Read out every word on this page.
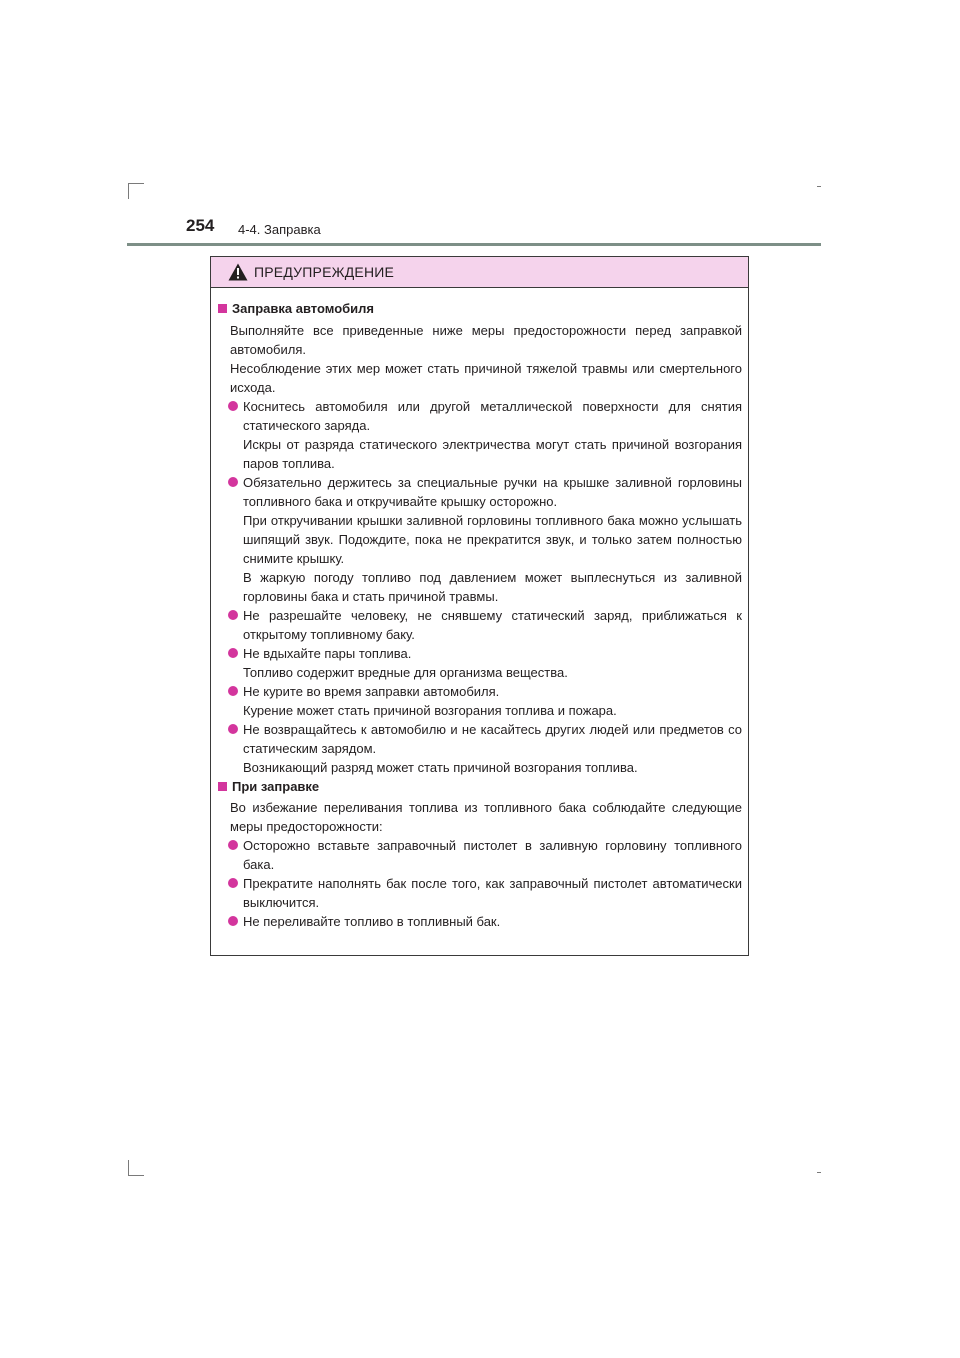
254 4-4. Заправка
ПРЕДУПРЕЖДЕНИЕ
Заправка автомобиля

Выполняйте все приведенные ниже меры предосторожности перед заправкой автомобиля.

Несоблюдение этих мер может стать причиной тяжелой травмы или смертельного исхода.

Коснитесь автомобиля или другой металлической поверхности для снятия статического заряда.

Искры от разряда статического электричества могут стать причиной возгорания паров топлива.

Обязательно держитесь за специальные ручки на крышке заливной горловины топливного бака и откручивайте крышку осторожно.

При откручивании крышки заливной горловины топливного бака можно услышать шипящий звук. Подождите, пока не прекратится звук, и только затем полностью снимите крышку.

В жаркую погоду топливо под давлением может выплеснуться из заливной горловины бака и стать причиной травмы.

Не разрешайте человеку, не снявшему статический заряд, приближаться к открытому топливному баку.

Не вдыхайте пары топлива.

Топливо содержит вредные для организма вещества.

Не курите во время заправки автомобиля.

Курение может стать причиной возгорания топлива и пожара.

Не возвращайтесь к автомобилю и не касайтесь других людей или предметов со статическим зарядом.

Возникающий разряд может стать причиной возгорания топлива.

При заправке

Во избежание переливания топлива из топливного бака соблюдайте следующие меры предосторожности:

Осторожно вставьте заправочный пистолет в заливную горловину топливного бака.

Прекратите наполнять бак после того, как заправочный пистолет автоматически выключится.

Не переливайте топливо в топливный бак.
